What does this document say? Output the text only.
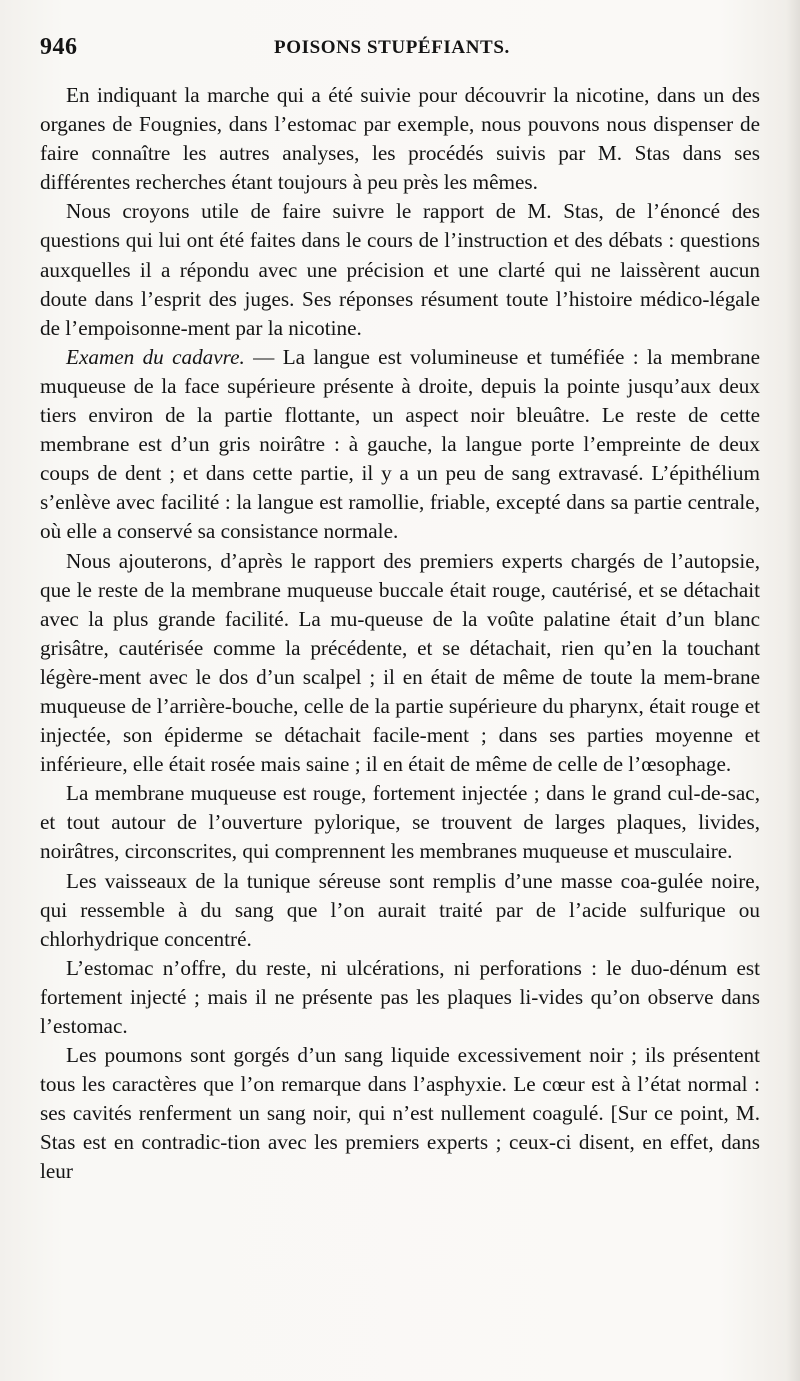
946	POISONS STUPÉFIANTS.

En indiquant la marche qui a été suivie pour découvrir la nicotine, dans un des organes de Fougnies, dans l’estomac par exemple, nous pouvons nous dispenser de faire connaître les autres analyses, les procédés suivis par M. Stas dans ses différentes recherches étant toujours à peu près les mêmes.

Nous croyons utile de faire suivre le rapport de M. Stas, de l’énoncé des questions qui lui ont été faites dans le cours de l’instruction et des débats : questions auxquelles il a répondu avec une précision et une clarté qui ne laissèrent aucun doute dans l’esprit des juges. Ses réponses résument toute l’histoire médico-légale de l’empoisonne-ment par la nicotine.

Examen du cadavre. — La langue est volumineuse et tuméfiée : la membrane muqueuse de la face supérieure présente à droite, depuis la pointe jusqu’aux deux tiers environ de la partie flottante, un aspect noir bleuâtre. Le reste de cette membrane est d’un gris noirâtre : à gauche, la langue porte l’empreinte de deux coups de dent ; et dans cette partie, il y a un peu de sang extravasé. L’épithélium s’enlève avec facilité : la langue est ramollie, friable, excepté dans sa partie centrale, où elle a conservé sa consistance normale.

Nous ajouterons, d’après le rapport des premiers experts chargés de l’autopsie, que le reste de la membrane muqueuse buccale était rouge, cautérisé, et se détachait avec la plus grande facilité. La mu-queuse de la voûte palatine était d’un blanc grisâtre, cautérisée comme la précédente, et se détachait, rien qu’en la touchant légère-ment avec le dos d’un scalpel ; il en était de même de toute la mem-brane muqueuse de l’arrière-bouche, celle de la partie supérieure du pharynx, était rouge et injectée, son épiderme se détachait facile-ment ; dans ses parties moyenne et inférieure, elle était rosée mais saine ; il en était de même de celle de l’œsophage.

La membrane muqueuse est rouge, fortement injectée ; dans le grand cul-de-sac, et tout autour de l’ouverture pylorique, se trouvent de larges plaques, livides, noirâtres, circonscrites, qui comprennent les membranes muqueuse et musculaire.

Les vaisseaux de la tunique séreuse sont remplis d’une masse coa-gulée noire, qui ressemble à du sang que l’on aurait traité par de l’acide sulfurique ou chlorhydrique concentré.

L’estomac n’offre, du reste, ni ulcérations, ni perforations : le duo-dénum est fortement injecté ; mais il ne présente pas les plaques li-vides qu’on observe dans l’estomac.

Les poumons sont gorgés d’un sang liquide excessivement noir ; ils présentent tous les caractères que l’on remarque dans l’asphyxie. Le cœur est à l’état normal : ses cavités renferment un sang noir, qui n’est nullement coagulé. [Sur ce point, M. Stas est en contradic-tion avec les premiers experts ; ceux-ci disent, en effet, dans leur
